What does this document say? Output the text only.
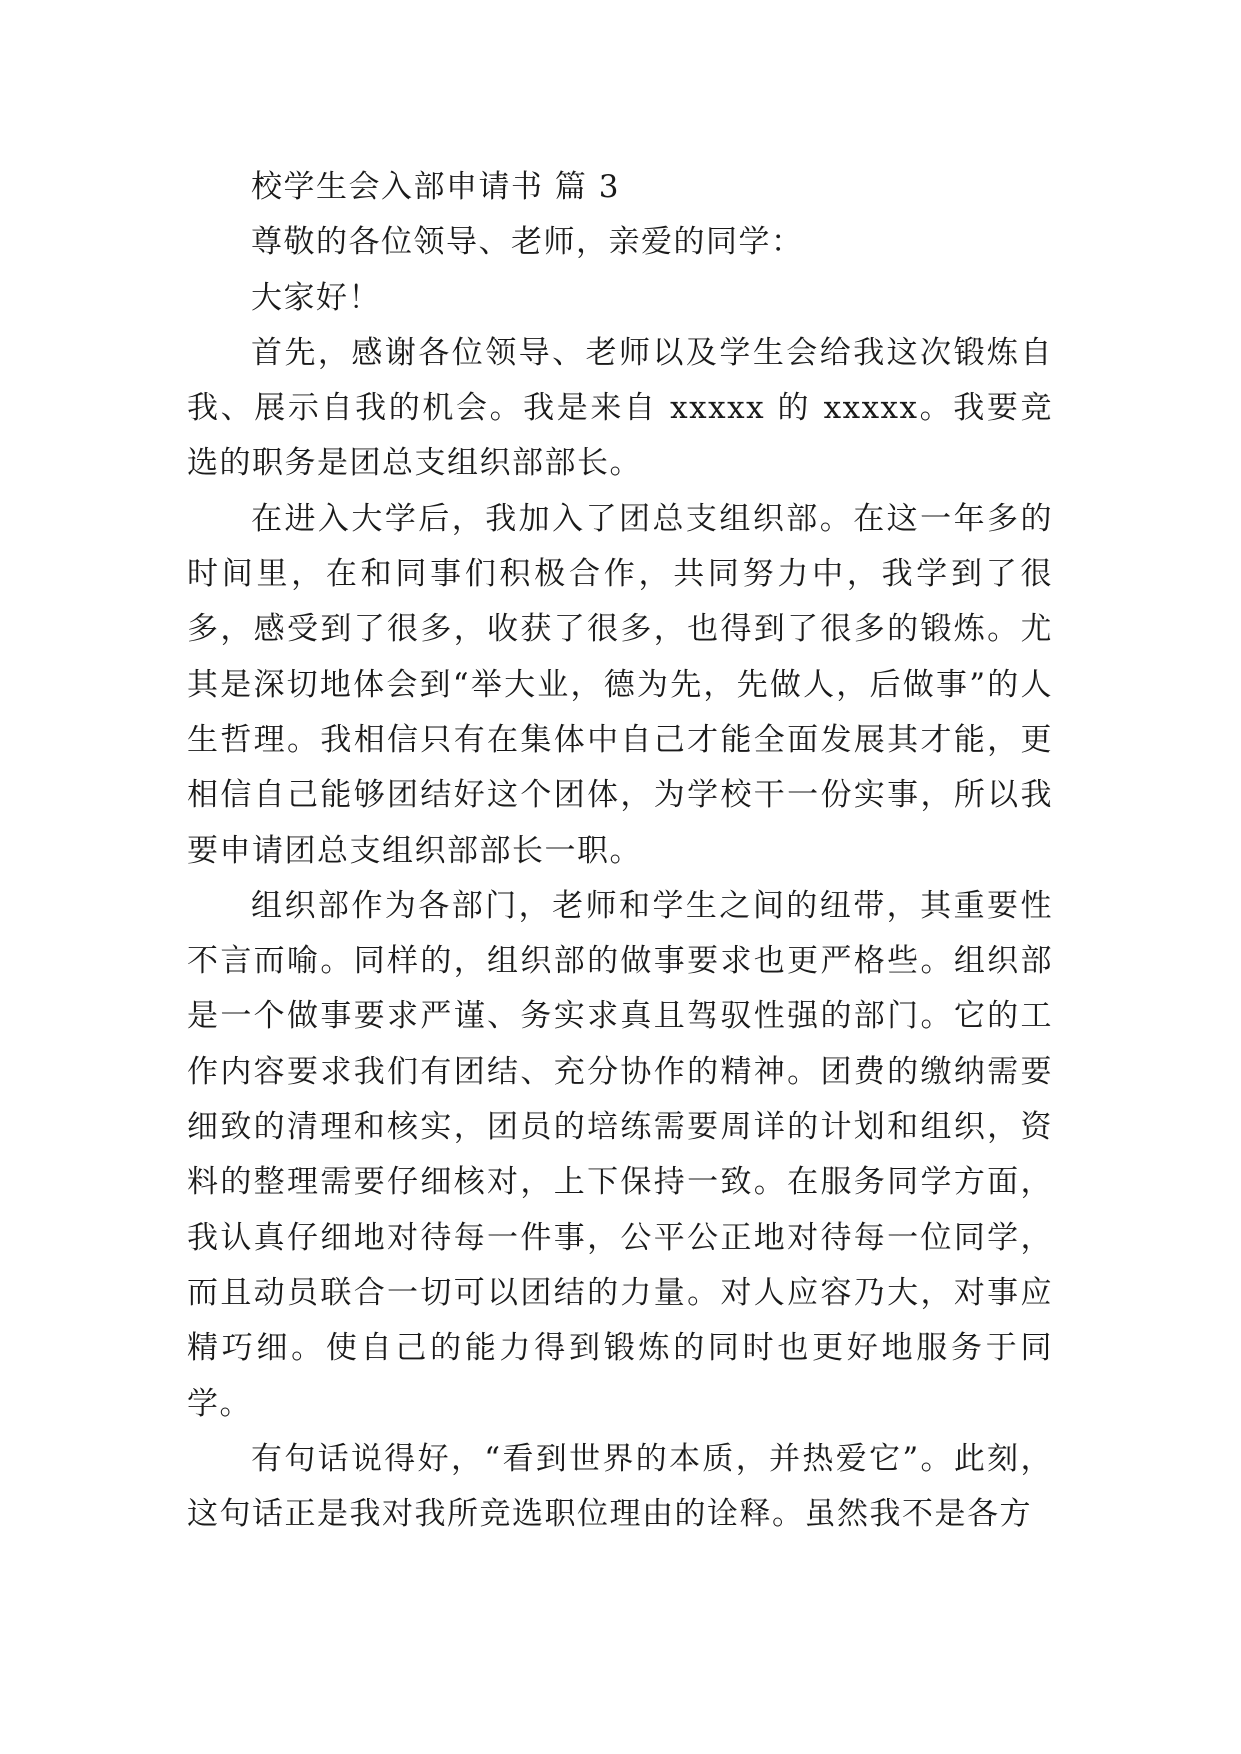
校学生会入部申请书 篇 3

尊敬的各位领导、老师，亲爱的同学：

大家好！

首先，感谢各位领导、老师以及学生会给我这次锻炼自我、展示自我的机会。我是来自 xxxxx 的 xxxxx。我要竞选的职务是团总支组织部部长。

在进入大学后，我加入了团总支组织部。在这一年多的时间里，在和同事们积极合作，共同努力中，我学到了很多，感受到了很多，收获了很多，也得到了很多的锻炼。尤其是深切地体会到“举大业，德为先，先做人，后做事”的人生哲理。我相信只有在集体中自己才能全面发展其才能，更相信自己能够团结好这个团体，为学校干一份实事，所以我要申请团总支组织部部长一职。

组织部作为各部门，老师和学生之间的纽带，其重要性不言而喻。同样的，组织部的做事要求也更严格些。组织部是一个做事要求严谨、务实求真且驾驭性强的部门。它的工作内容要求我们有团结、充分协作的精神。团费的缴纳需要细致的清理和核实，团员的培练需要周详的计划和组织，资料的整理需要仔细核对，上下保持一致。在服务同学方面，我认真仔细地对待每一件事，公平公正地对待每一位同学，而且动员联合一切可以团结的力量。对人应容乃大，对事应精巧细。使自己的能力得到锻炼的同时也更好地服务于同学。

有句话说得好，“看到世界的本质，并热爱它”。此刻，这句话正是我对我所竞选职位理由的诠释。虽然我不是各方
